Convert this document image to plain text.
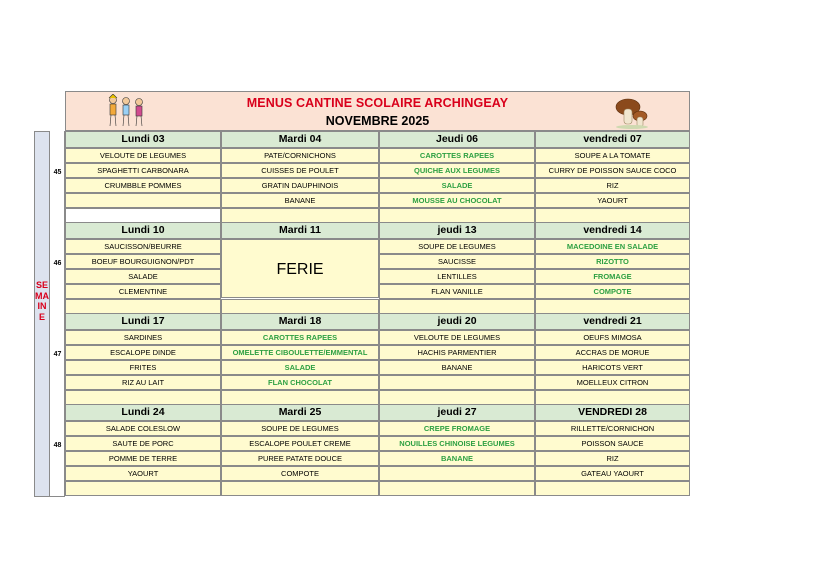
MENUS CANTINE SCOLAIRE ARCHINGEAY
NOVEMBRE 2025
SEMAINE
45
Lundi 03
VELOUTE DE LEGUMES
SPAGHETTI CARBONARA
CRUMBBLE POMMES
Mardi 04
PATE/CORNICHONS
CUISSES DE POULET
GRATIN DAUPHINOIS
BANANE
Jeudi 06
CAROTTES RAPEES
QUICHE AUX LEGUMES
SALADE
MOUSSE AU CHOCOLAT
vendredi 07
SOUPE A LA TOMATE
CURRY DE POISSON SAUCE COCO
RIZ
YAOURT
46
Lundi 10
SAUCISSON/BEURRE
BOEUF BOURGUIGNON/PDT
SALADE
CLEMENTINE
Mardi 11
FERIE
jeudi 13
SOUPE DE LEGUMES
SAUCISSE
LENTILLES
FLAN VANILLE
vendredi 14
MACEDOINE EN SALADE
RIZOTTO
FROMAGE
COMPOTE
47
Lundi 17
SARDINES
ESCALOPE DINDE
FRITES
RIZ AU LAIT
Mardi 18
CAROTTES RAPEES
OMELETTE CIBOULETTE/EMMENTAL
SALADE
FLAN CHOCOLAT
jeudi 20
VELOUTE DE LEGUMES
HACHIS PARMENTIER
BANANE
vendredi 21
OEUFS MIMOSA
ACCRAS DE MORUE
HARICOTS VERT
MOELLEUX CITRON
48
Lundi 24
SALADE COLESLOW
SAUTE DE PORC
POMME DE TERRE
YAOURT
Mardi 25
SOUPE DE LEGUMES
ESCALOPE POULET CREME
PUREE PATATE DOUCE
COMPOTE
jeudi 27
CREPE FROMAGE
NOUILLES CHINOISE LEGUMES
BANANE
VENDREDI 28
RILLETTE/CORNICHON
POISSON SAUCE
RIZ
GATEAU YAOURT
